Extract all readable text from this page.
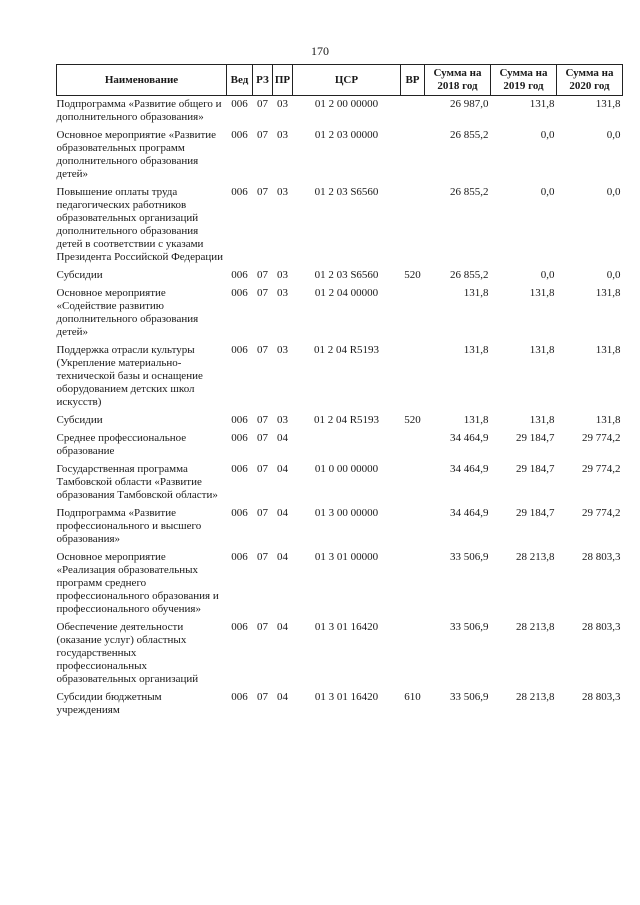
170
Наименование	Вед	РЗ	ПР	ЦСР	ВР	Сумма на 2018 год	Сумма на 2019 год	Сумма на 2020 год
Подпрограмма «Развитие общего и дополнительного образования»	006	07	03	01 2 00 00000		26 987,0	131,8	131,8
Основное мероприятие «Развитие образовательных программ дополнительного образования детей»	006	07	03	01 2 03 00000		26 855,2	0,0	0,0
Повышение оплаты труда педагогических работников образовательных организаций дополнительного образования детей в соответствии с указами Президента Российской Федерации	006	07	03	01 2 03 S6560		26 855,2	0,0	0,0
Субсидии	006	07	03	01 2 03 S6560	520	26 855,2	0,0	0,0
Основное мероприятие «Содействие развитию дополнительного образования детей»	006	07	03	01 2 04 00000		131,8	131,8	131,8
Поддержка отрасли культуры (Укрепление материально-технической базы и оснащение оборудованием детских школ искусств)	006	07	03	01 2 04 R5193		131,8	131,8	131,8
Субсидии	006	07	03	01 2 04 R5193	520	131,8	131,8	131,8
Среднее профессиональное образование	006	07	04			34 464,9	29 184,7	29 774,2
Государственная программа Тамбовской области «Развитие образования Тамбовской области»	006	07	04	01 0 00 00000		34 464,9	29 184,7	29 774,2
Подпрограмма «Развитие профессионального и высшего образования»	006	07	04	01 3 00 00000		34 464,9	29 184,7	29 774,2
Основное мероприятие «Реализация образовательных программ среднего профессионального образования и профессионального обучения»	006	07	04	01 3 01 00000		33 506,9	28 213,8	28 803,3
Обеспечение деятельности (оказание услуг) областных государственных профессиональных образовательных организаций	006	07	04	01 3 01 16420		33 506,9	28 213,8	28 803,3
Субсидии бюджетным учреждениям	006	07	04	01 3 01 16420	610	33 506,9	28 213,8	28 803,3
